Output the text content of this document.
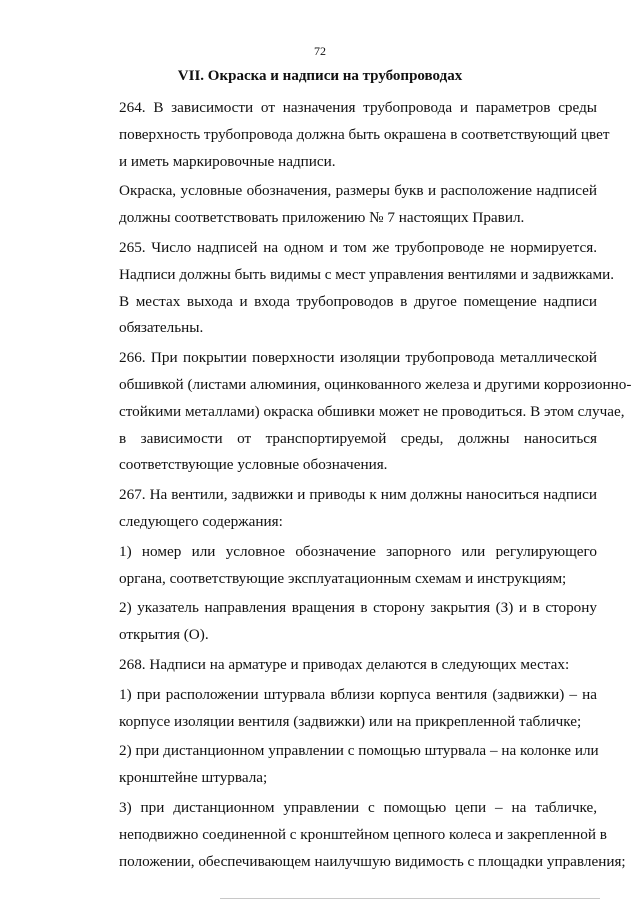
72
VII. Окраска и надписи на трубопроводах

264. В зависимости от назначения трубопровода и параметров среды
поверхность трубопровода должна быть окрашена в соответствующий цвет
и иметь маркировочные надписи.

Окраска, условные обозначения, размеры букв и расположение надписей
должны соответствовать приложению № 7 настоящих Правил.

265. Число надписей на одном и том же трубопроводе не нормируется.
Надписи должны быть видимы с мест управления вентилями и задвижками.
В местах выхода и входа трубопроводов в другое помещение надписи
обязательны.

266. При покрытии поверхности изоляции трубопровода металлической
обшивкой (листами алюминия, оцинкованного железа и другими коррозионно-
стойкими металлами) окраска обшивки может не проводиться. В этом случае,
в зависимости от транспортируемой среды, должны наноситься
соответствующие условные обозначения.

267. На вентили, задвижки и приводы к ним должны наноситься надписи
следующего содержания:

1) номер или условное обозначение запорного или регулирующего
органа, соответствующие эксплуатационным схемам и инструкциям;

2) указатель направления вращения в сторону закрытия (З) и в сторону
открытия (О).

268. Надписи на арматуре и приводах делаются в следующих местах:

1) при расположении штурвала вблизи корпуса вентиля (задвижки) – на
корпусе изоляции вентиля (задвижки) или на прикрепленной табличке;

2) при дистанционном управлении с помощью штурвала – на колонке или
кронштейне штурвала;

3) при дистанционном управлении с помощью цепи – на табличке,
неподвижно соединенной с кронштейном цепного колеса и закрепленной в
положении, обеспечивающем наилучшую видимость с площадки управления;
